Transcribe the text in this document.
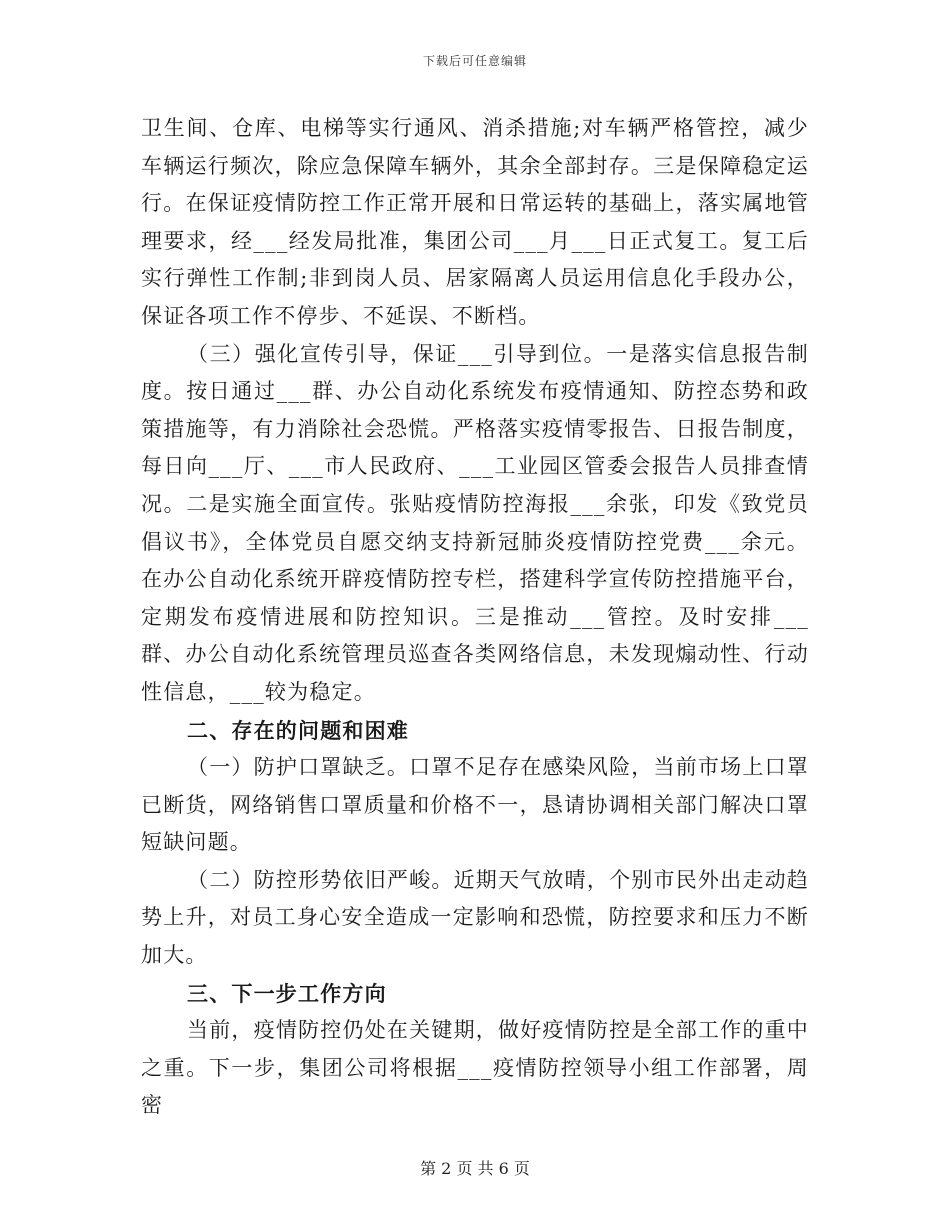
下载后可任意编辑

卫生间、仓库、电梯等实行通风、消杀措施;对车辆严格管控，减少车辆运行频次，除应急保障车辆外，其余全部封存。三是保障稳定运行。在保证疫情防控工作正常开展和日常运转的基础上，落实属地管理要求，经___经发局批准，集团公司___月___日正式复工。复工后实行弹性工作制;非到岗人员、居家隔离人员运用信息化手段办公，保证各项工作不停步、不延误、不断档。

（三）强化宣传引导，保证___引导到位。一是落实信息报告制度。按日通过___群、办公自动化系统发布疫情通知、防控态势和政策措施等，有力消除社会恐慌。严格落实疫情零报告、日报告制度，每日向___厅、___市人民政府、___工业园区管委会报告人员排查情况。二是实施全面宣传。张贴疫情防控海报___余张，印发《致党员倡议书》，全体党员自愿交纳支持新冠肺炎疫情防控党费___余元。在办公自动化系统开辟疫情防控专栏，搭建科学宣传防控措施平台，定期发布疫情进展和防控知识。三是推动___管控。及时安排___群、办公自动化系统管理员巡查各类网络信息，未发现煽动性、行动性信息，___较为稳定。

二、存在的问题和困难

（一）防护口罩缺乏。口罩不足存在感染风险，当前市场上口罩已断货，网络销售口罩质量和价格不一，恳请协调相关部门解决口罩短缺问题。

（二）防控形势依旧严峻。近期天气放晴，个别市民外出走动趋势上升，对员工身心安全造成一定影响和恐慌，防控要求和压力不断加大。

三、下一步工作方向

当前，疫情防控仍处在关键期，做好疫情防控是全部工作的重中之重。下一步，集团公司将根据___疫情防控领导小组工作部署，周密

第 2 页 共 6 页
